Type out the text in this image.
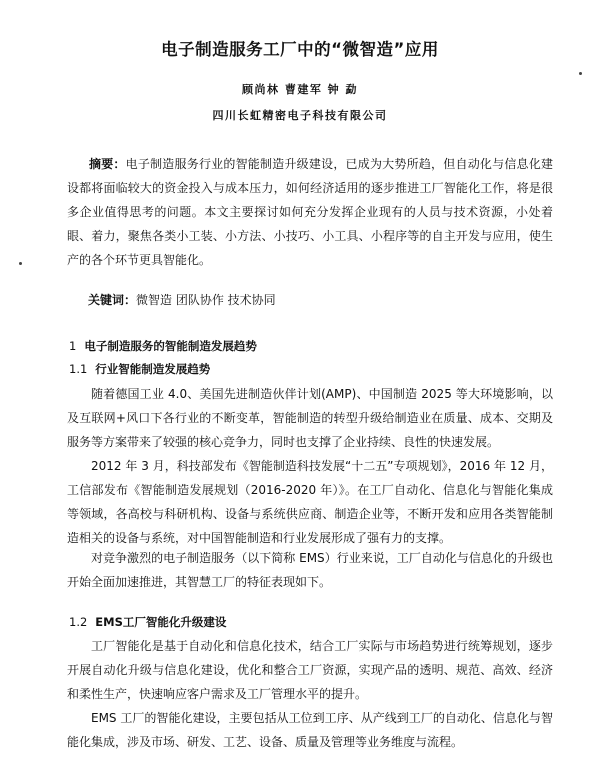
电子制造服务工厂中的“微智造”应用
顾尚林 曹建军 钟 勐
四川长虹精密电子科技有限公司
摘要：电子制造服务行业的智能制造升级建设，已成为大势所趋，但自动化与信息化建设都将面临较大的资金投入与成本压力，如何经济适用的逐步推进工厂智能化工作，将是很多企业值得思考的问题。本文主要探讨如何充分发挥企业现有的人员与技术资源，小处着眼、着力，聚焦各类小工装、小方法、小技巧、小工具、小程序等的自主开发与应用，使生产的各个环节更具智能化。
关键词：微智造 团队协作 技术协同
1 电子制造服务的智能制造发展趋势
1.1 行业智能制造发展趋势
随着德国工业 4.0、美国先进制造伙伴计划(AMP)、中国制造 2025 等大环境影响，以及互联网+风口下各行业的不断变革，智能制造的转型升级给制造业在质量、成本、交期及服务等方案带来了较强的核心竞争力，同时也支撑了企业持续、良性的快速发展。
2012 年 3 月，科技部发布《智能制造科技发展“十二五”专项规划》，2016 年 12 月，工信部发布《智能制造发展规划（2016-2020 年）》。在工厂自动化、信息化与智能化集成等领域，各高校与科研机构、设备与系统供应商、制造企业等，不断开发和应用各类智能制造相关的设备与系统，对中国智能制造和行业发展形成了强有力的支撑。
对竞争激烈的电子制造服务（以下简称 EMS）行业来说，工厂自动化与信息化的升级也开始全面加速推进，其智慧工厂的特征表现如下。
1.2 EMS工厂智能化升级建设
工厂智能化是基于自动化和信息化技术，结合工厂实际与市场趋势进行统筹规划，逐步开展自动化升级与信息化建设，优化和整合工厂资源，实现产品的透明、规范、高效、经济和柔性生产，快速响应客户需求及工厂管理水平的提升。
EMS 工厂的智能化建设，主要包括从工位到工序、从产线到工厂的自动化、信息化与智能化集成，涉及市场、研发、工艺、设备、质量及管理等业务维度与流程。
